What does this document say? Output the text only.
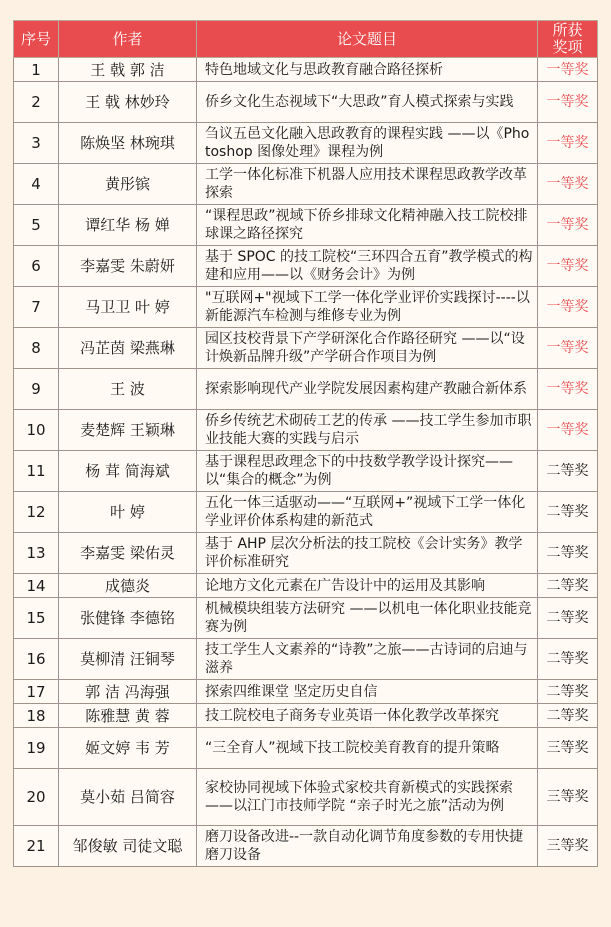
序号	作者	论文题目	所获奖项
1	王 戟 郭 洁	特色地域文化与思政教育融合路径探析	一等奖
2	王 戟 林妙玲	侨乡文化生态视域下“大思政”育人模式探索与实践	一等奖
3	陈焕坚 林琬琪	刍议五邑文化融入思政教育的课程实践 ——以《Photoshop 图像处理》课程为例	一等奖
4	黄彤镔	工学一体化标准下机器人应用技术课程思政教学改革探索	一等奖
5	谭红华 杨 婵	“课程思政”视域下侨乡排球文化精神融入技工院校排球课之路径探究	一等奖
6	李嘉雯 朱蔚妍	基于 SPOC 的技工院校“三环四合五育”教学模式的构建和应用——以《财务会计》为例	一等奖
7	马卫卫 叶 婷	"互联网+"视域下工学一体化学业评价实践探讨----以新能源汽车检测与维修专业为例	一等奖
8	冯芷茵 梁燕琳	园区技校背景下产学研深化合作路径研究 ——以“设计焕新品牌升级”产学研合作项目为例	一等奖
9	王 波	探索影响现代产业学院发展因素构建产教融合新体系	一等奖
10	麦楚辉 王颖琳	侨乡传统艺术砌砖工艺的传承 ——技工学生参加市职业技能大赛的实践与启示	一等奖
11	杨 茸 简海斌	基于课程思政理念下的中技数学教学设计探究——以“集合的概念”为例	二等奖
12	叶 婷	五化一体三适驱动——“互联网+”视域下工学一体化学业评价体系构建的新范式	二等奖
13	李嘉雯 梁佑灵	基于 AHP 层次分析法的技工院校《会计实务》教学评价标准研究	二等奖
14	成德炎	论地方文化元素在广告设计中的运用及其影响	二等奖
15	张健锋 李德铭	机械模块组装方法研究 ——以机电一体化职业技能竞赛为例	二等奖
16	莫柳清 汪铜琴	技工学生人文素养的“诗教”之旅——古诗词的启迪与滋养	二等奖
17	郭 洁 冯海强	探索四维课堂 坚定历史自信	二等奖
18	陈雅慧 黄 蓉	技工院校电子商务专业英语一体化教学改革探究	二等奖
19	姬文婷 韦 芳	“三全育人”视域下技工院校美育教育的提升策略	三等奖
20	莫小茹 吕简容	家校协同视域下体验式家校共育新模式的实践探索——以江门市技师学院 “亲子时光之旅”活动为例	三等奖
21	邹俊敏 司徒文聪	磨刀设备改进--一款自动化调节角度参数的专用快捷磨刀设备	三等奖
